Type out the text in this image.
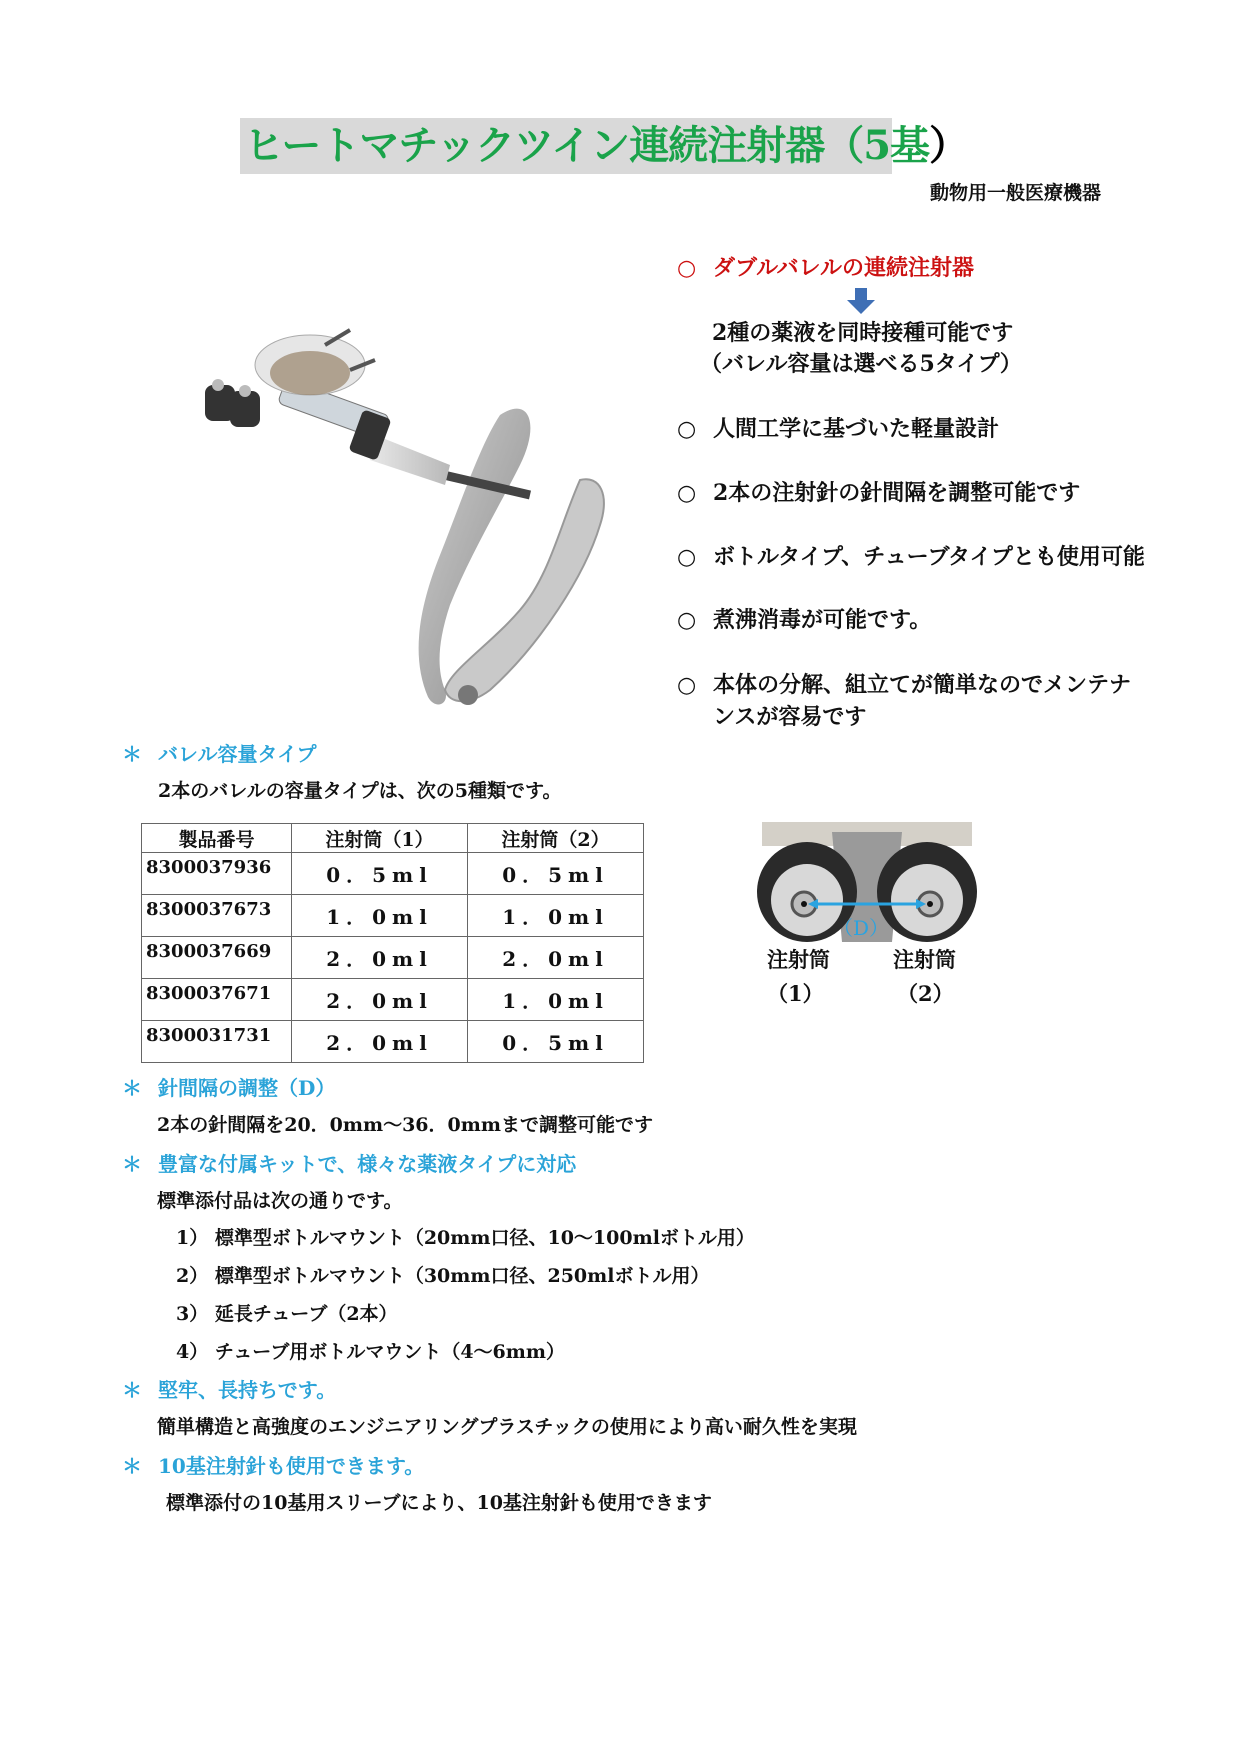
ヒートマチックツイン連続注射器（5基）
動物用一般医療機器
○ ダブルバレルの連続注射器
2種の薬液を同時接種可能です
（バレル容量は選べる5タイプ）
○ 人間工学に基づいた軽量設計
○ 2本の注射針の針間隔を調整可能です
○ ボトルタイプ、チューブタイプとも使用可能
○ 煮沸消毒が可能です。
○ 本体の分解、組立てが簡単なのでメンテナ
ンスが容易です
＊ バレル容量タイプ
2本のバレルの容量タイプは、次の5種類です。
製品番号	注射筒（1）	注射筒（2）
8300037936	0．5ml	0．5ml
8300037673	1．0ml	1．0ml
8300037669	2．0ml	2．0ml
8300037671	2．0ml	1．0ml
8300031731	2．0ml	0．5ml
（D）
注射筒
（1）
注射筒
（2）
＊ 針間隔の調整（D）
2本の針間隔を20．0mm～36．0mmまで調整可能です
＊ 豊富な付属キットで、様々な薬液タイプに対応
標準添付品は次の通りです。
1） 標準型ボトルマウント（20mm口径、10～100mlボトル用）
2） 標準型ボトルマウント（30mm口径、250mlボトル用）
3） 延長チューブ（2本）
4） チューブ用ボトルマウント（4～6mm）
＊ 堅牢、長持ちです。
簡単構造と高強度のエンジニアリングプラスチックの使用により高い耐久性を実現
＊ 10基注射針も使用できます。
標準添付の10基用スリーブにより、10基注射針も使用できます
